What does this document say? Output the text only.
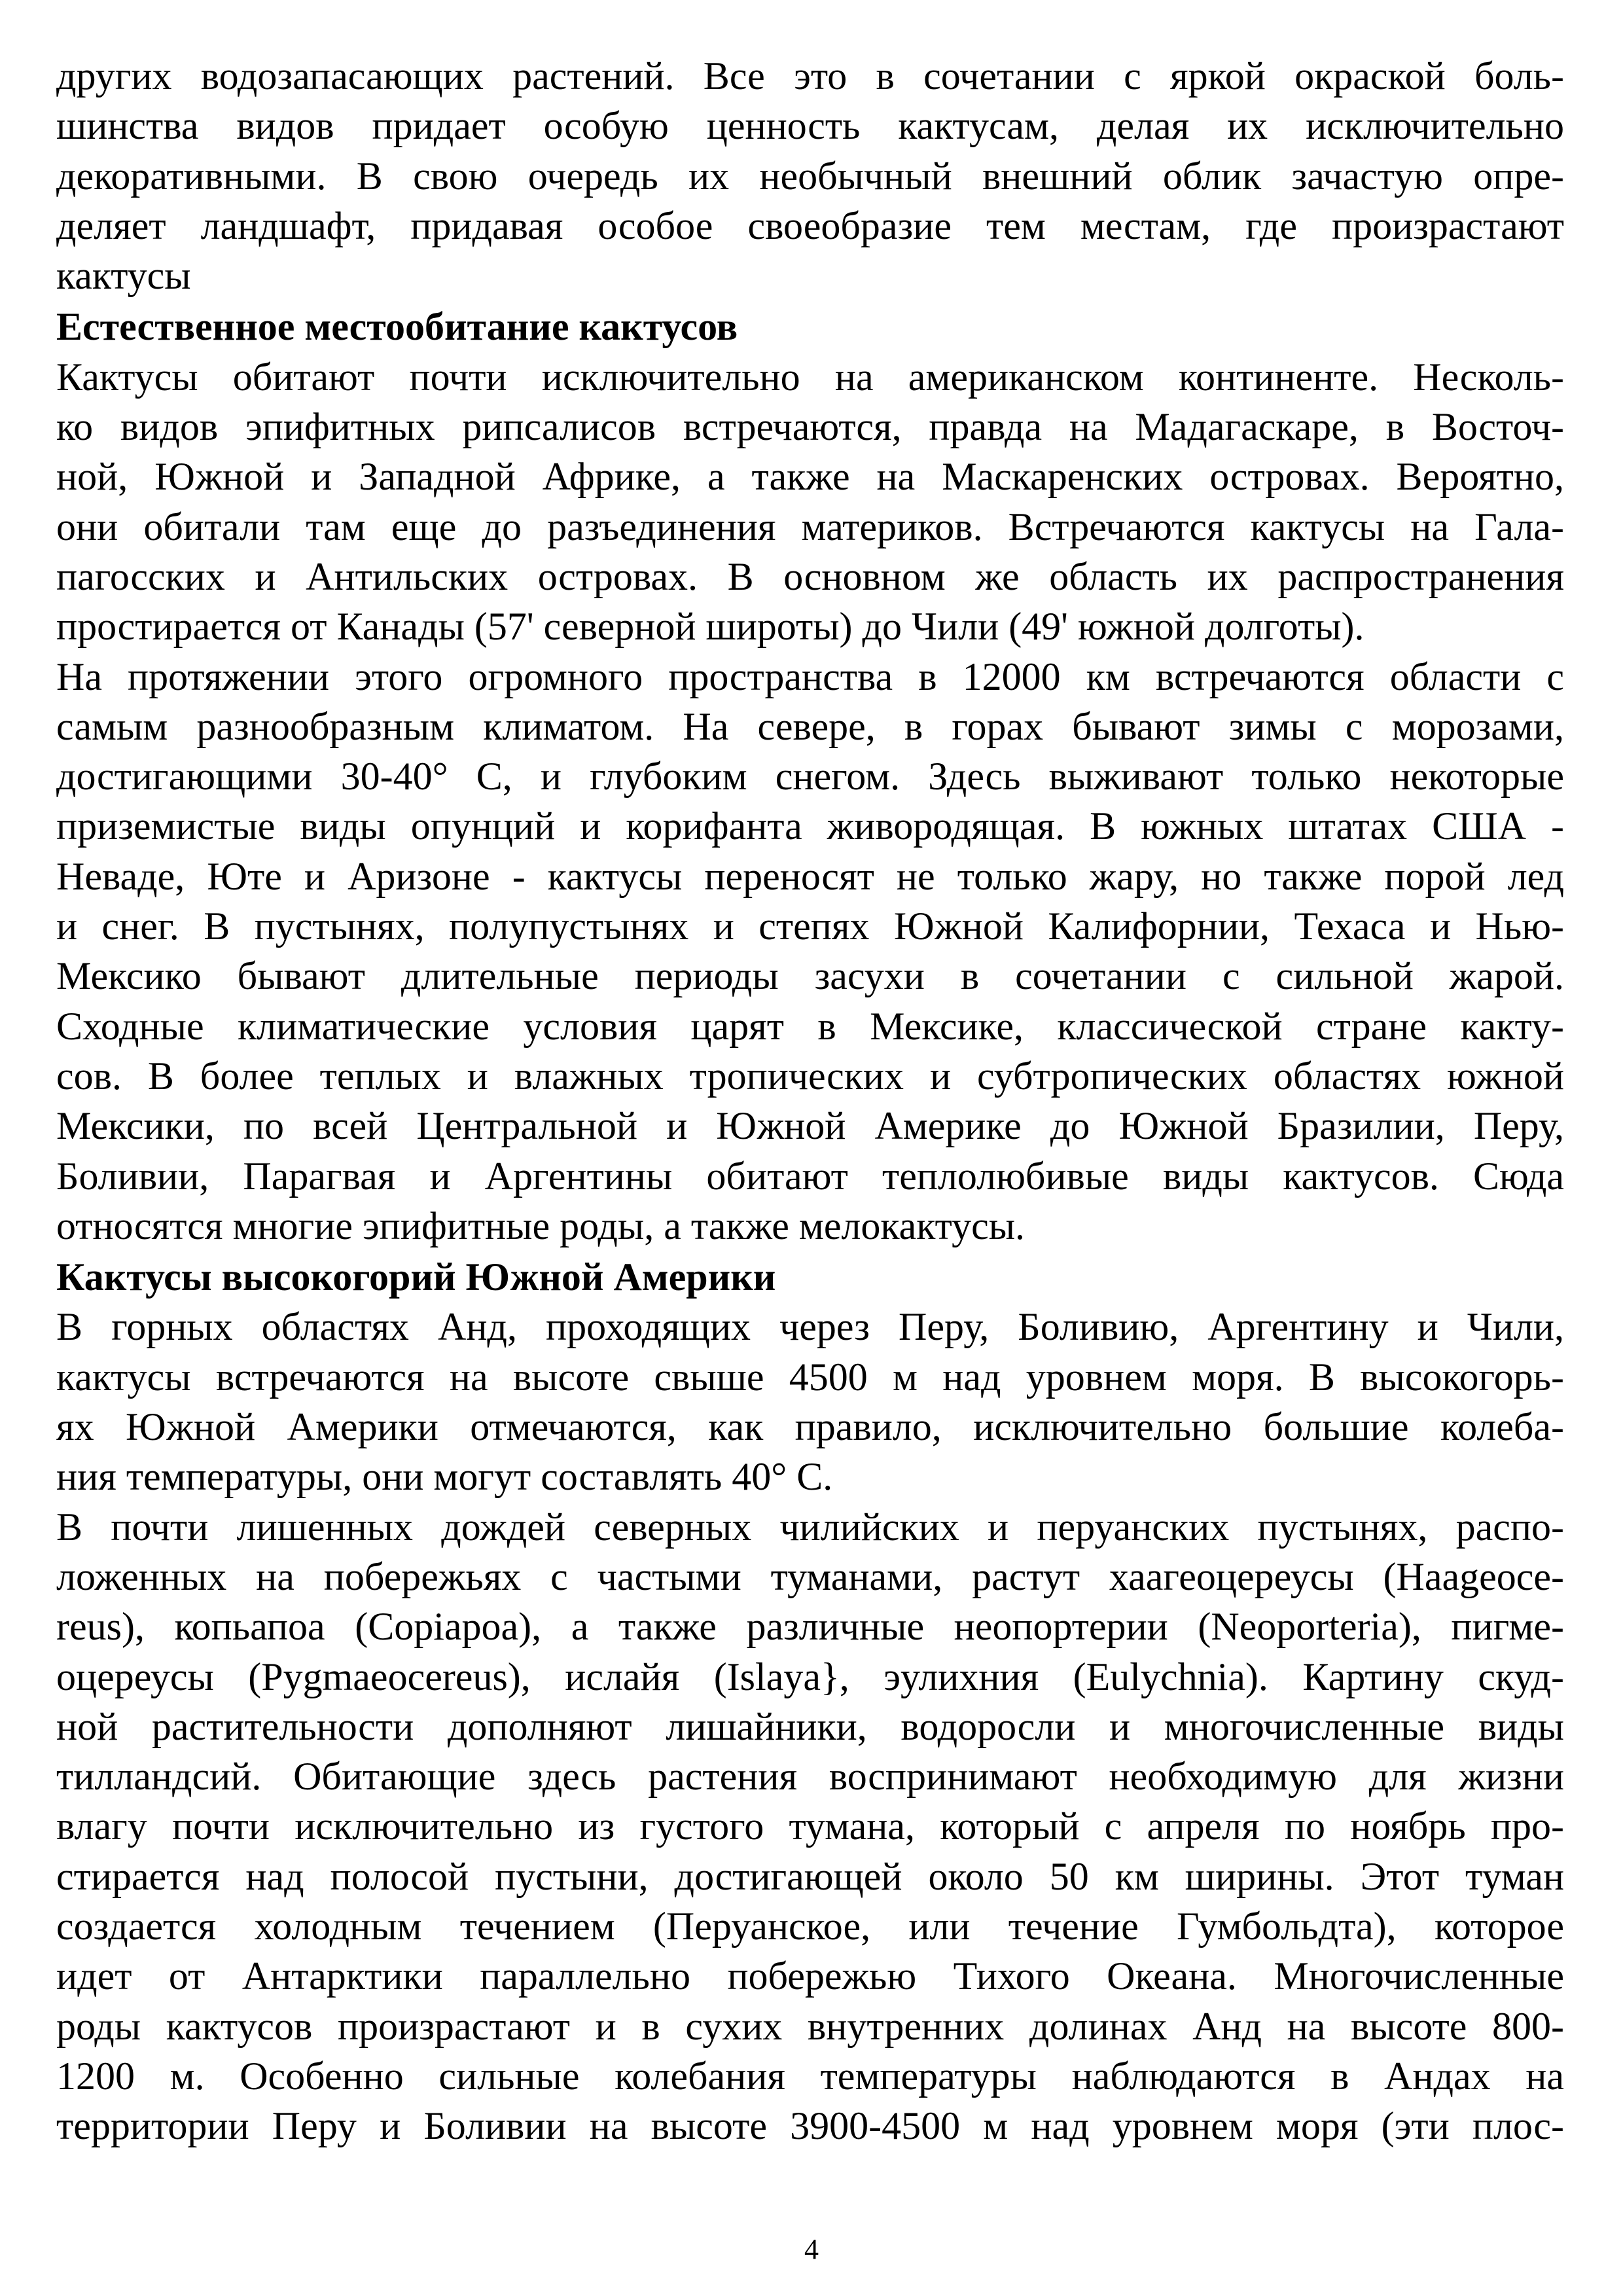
других водозапасающих растений. Все это в сочетании с яркой окраской боль-
шинства видов придает особую ценность кактусам, делая их исключительно
декоративными. В свою очередь их необычный внешний облик зачастую опре-
деляет ландшафт, придавая особое своеобразие тем местам, где произрастают
кактусы
Естественное местообитание кактусов
Кактусы обитают почти исключительно на американском континенте. Несколь-
ко видов эпифитных рипсалисов встречаются, правда на Мадагаскаре, в Восточ-
ной, Южной и Западной Африке, а также на Маскаренских островах. Вероятно,
они обитали там еще до разъединения материков. Встречаются кактусы на Гала-
пагосских и Антильских островах. В основном же область их распространения
простирается от Канады (57' северной широты) до Чили (49' южной долготы).
На протяжении этого огромного пространства в 12000 км встречаются области с
самым разнообразным климатом. На севере, в горах бывают зимы с морозами,
достигающими 30-40° С, и глубоким снегом. Здесь выживают только некоторые
приземистые виды опунций и корифанта живородящая. В южных штатах США -
Неваде, Юте и Аризоне - кактусы переносят не только жару, но также порой лед
и снег. В пустынях, полупустынях и степях Южной Калифорнии, Техаса и Нью-
Мексико бывают длительные периоды засухи в сочетании с сильной жарой.
Сходные климатические условия царят в Мексике, классической стране какту-
сов. В более теплых и влажных тропических и субтропических областях южной
Мексики, по всей Центральной и Южной Америке до Южной Бразилии, Перу,
Боливии, Парагвая и Аргентины обитают теплолюбивые виды кактусов. Сюда
относятся многие эпифитные роды, а также мелокактусы.
Кактусы высокогорий Южной Америки
В горных областях Анд, проходящих через Перу, Боливию, Аргентину и Чили,
кактусы встречаются на высоте свыше 4500 м над уровнем моря. В высокогорь-
ях Южной Америки отмечаются, как правило, исключительно большие колеба-
ния температуры, они могут составлять 40° С.
В почти лишенных дождей северных чилийских и перуанских пустынях, распо-
ложенных на побережьях с частыми туманами, растут хаагеоцереусы (Haageoce-
reus), копьапоа (Copiapoa), а также различные неопортерии (Neoporteria), пигме-
оцереусы (Pygmaeocereus), ислайя (Islaya}, эулихния (Eulychnia). Картину скуд-
ной растительности дополняют лишайники, водоросли и многочисленные виды
тилландсий. Обитающие здесь растения воспринимают необходимую для жизни
влагу почти исключительно из густого тумана, который с апреля по ноябрь про-
стирается над полосой пустыни, достигающей около 50 км ширины. Этот туман
создается холодным течением (Перуанское, или течение Гумбольдта), которое
идет от Антарктики параллельно побережью Тихого Океана. Многочисленные
роды кактусов произрастают и в сухих внутренних долинах Анд на высоте 800-
1200 м. Особенно сильные колебания температуры наблюдаются в Андах на
территории Перу и Боливии на высоте 3900-4500 м над уровнем моря (эти плос-
4
